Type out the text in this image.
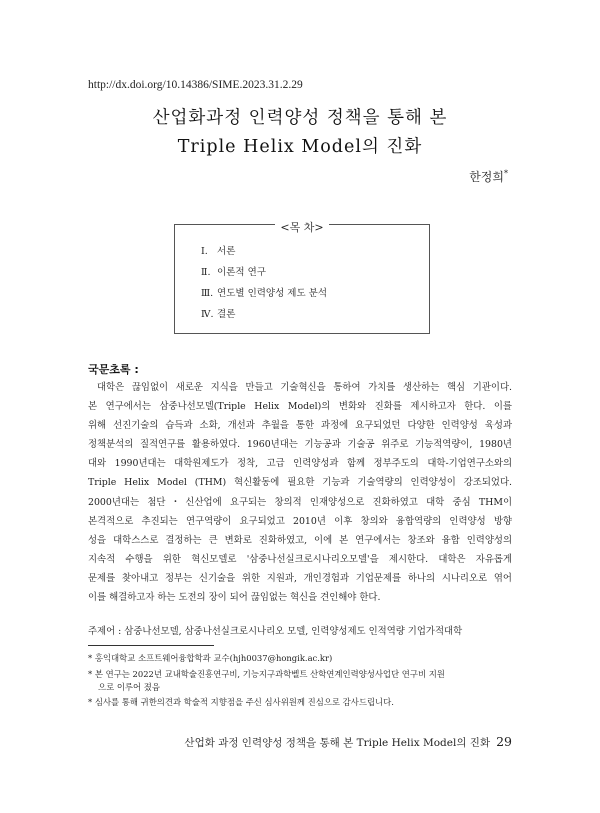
http://dx.doi.org/10.14386/SIME.2023.31.2.29
산업화과정 인력양성 정책을 통해 본
Triple Helix Model의 진화
한정희*
<목 차>
Ⅰ. 서론
Ⅱ. 이론적 연구
Ⅲ. 연도별 인력양성 제도 분석
Ⅳ. 결론
국문초록 :
대학은 끊임없이 새로운 지식을 만들고 기술혁신을 통하여 가치를 생산하는 핵심 기관이다.
본 연구에서는 삼중나선모델(Triple Helix Model)의 변화와 진화를 제시하고자 한다. 이를
위해 선진기술의 습득과 소화, 개선과 추월을 통한 과정에 요구되었던 다양한 인력양성 육성과
정책분석의 질적연구를 활용하였다. 1960년대는 기능공과 기술공 위주로 기능적역량이, 1980년
대와 1990년대는 대학원제도가 정착, 고급 인력양성과 함께 정부주도의 대학-기업연구소와의
Triple Helix Model (THM) 혁신활동에 필요한 기능과 기술역량의 인력양성이 강조되었다.
2000년대는 첨단・신산업에 요구되는 창의적 인재양성으로 진화하였고 대학 중심 THM이
본격적으로 추진되는 연구역량이 요구되었고 2010년 이후 창의와 융합역량의 인력양성 방향
성을 대학스스로 결정하는 큰 변화로 진화하였고, 이에 본 연구에서는 창조와 융합 인력양성의
지속적 수행을 위한 혁신모델로 '삼중나선실크로시나리오모델'을 제시한다. 대학은 자유롭게
문제를 찾아내고 정부는 신기술을 위한 지원과, 개인경험과 기업문제를 하나의 시나리오로 엮어
이를 해결하고자 하는 도전의 장이 되어 끊임없는 혁신을 견인해야 한다.
주제어 : 삼중나선모델, 삼중나선실크로시나리오 모델, 인력양성제도 인적역량 기업가적대학
* 홍익대학교 소프트웨어융합학과 교수(hjh0037@hongik.ac.kr)
* 본 연구는 2022년 교내학술진흥연구비, 기능지구과학벨트 산학연계인력양성사업단 연구비 지원
으로 이루어 졌음
* 심사를 통해 귀한의견과 학술적 지향점을 주신 심사위원께 진심으로 감사드립니다.
산업화 과정 인력양성 정책을 통해 본 Triple Helix Model의 진화 29
